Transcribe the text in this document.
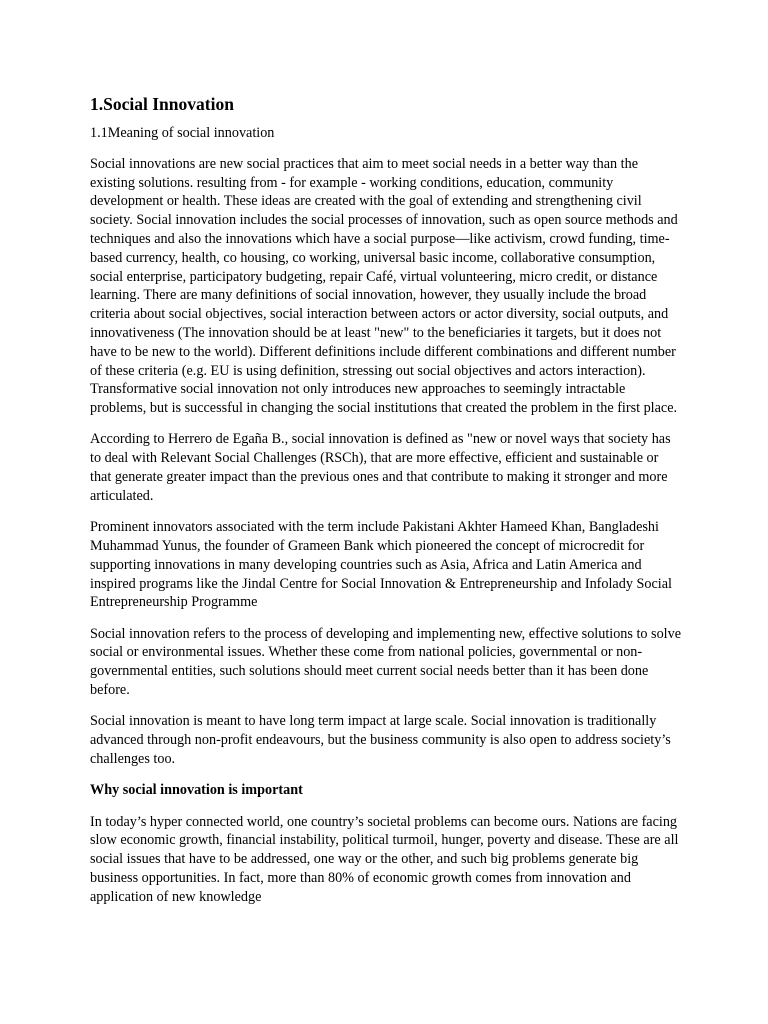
1.Social Innovation
1.1Meaning of social innovation

Social innovations are new social practices that aim to meet social needs in a better way than the existing solutions. resulting from - for example - working conditions, education, community development or health. These ideas are created with the goal of extending and strengthening civil society. Social innovation includes the social processes of innovation, such as open source methods and techniques and also the innovations which have a social purpose—like activism, crowd funding, time-based currency, health, co housing, co working, universal basic income, collaborative consumption, social enterprise, participatory budgeting, repair Café, virtual volunteering, micro credit, or distance learning. There are many definitions of social innovation, however, they usually include the broad criteria about social objectives, social interaction between actors or actor diversity, social outputs, and innovativeness (The innovation should be at least "new" to the beneficiaries it targets, but it does not have to be new to the world). Different definitions include different combinations and different number of these criteria (e.g. EU is using definition, stressing out social objectives and actors interaction). Transformative social innovation not only introduces new approaches to seemingly intractable problems, but is successful in changing the social institutions that created the problem in the first place.

According to Herrero de Egaña B., social innovation is defined as "new or novel ways that society has to deal with Relevant Social Challenges (RSCh), that are more effective, efficient and sustainable or that generate greater impact than the previous ones and that contribute to making it stronger and more articulated.

Prominent innovators associated with the term include Pakistani Akhter Hameed Khan, Bangladeshi Muhammad Yunus, the founder of Grameen Bank which pioneered the concept of microcredit for supporting innovations in many developing countries such as Asia, Africa and Latin America and inspired programs like the Jindal Centre for Social Innovation & Entrepreneurship and Infolady Social Entrepreneurship Programme

Social innovation refers to the process of developing and implementing new, effective solutions to solve social or environmental issues. Whether these come from national policies, governmental or non-governmental entities, such solutions should meet current social needs better than it has been done before.

Social innovation is meant to have long term impact at large scale. Social innovation is traditionally advanced through non-profit endeavours, but the business community is also open to address society’s challenges too.

Why social innovation is important

In today’s hyper connected world, one country’s societal problems can become ours. Nations are facing slow economic growth, financial instability, political turmoil, hunger, poverty and disease. These are all social issues that have to be addressed, one way or the other, and such big problems generate big business opportunities. In fact, more than 80% of economic growth comes from innovation and application of new knowledge
